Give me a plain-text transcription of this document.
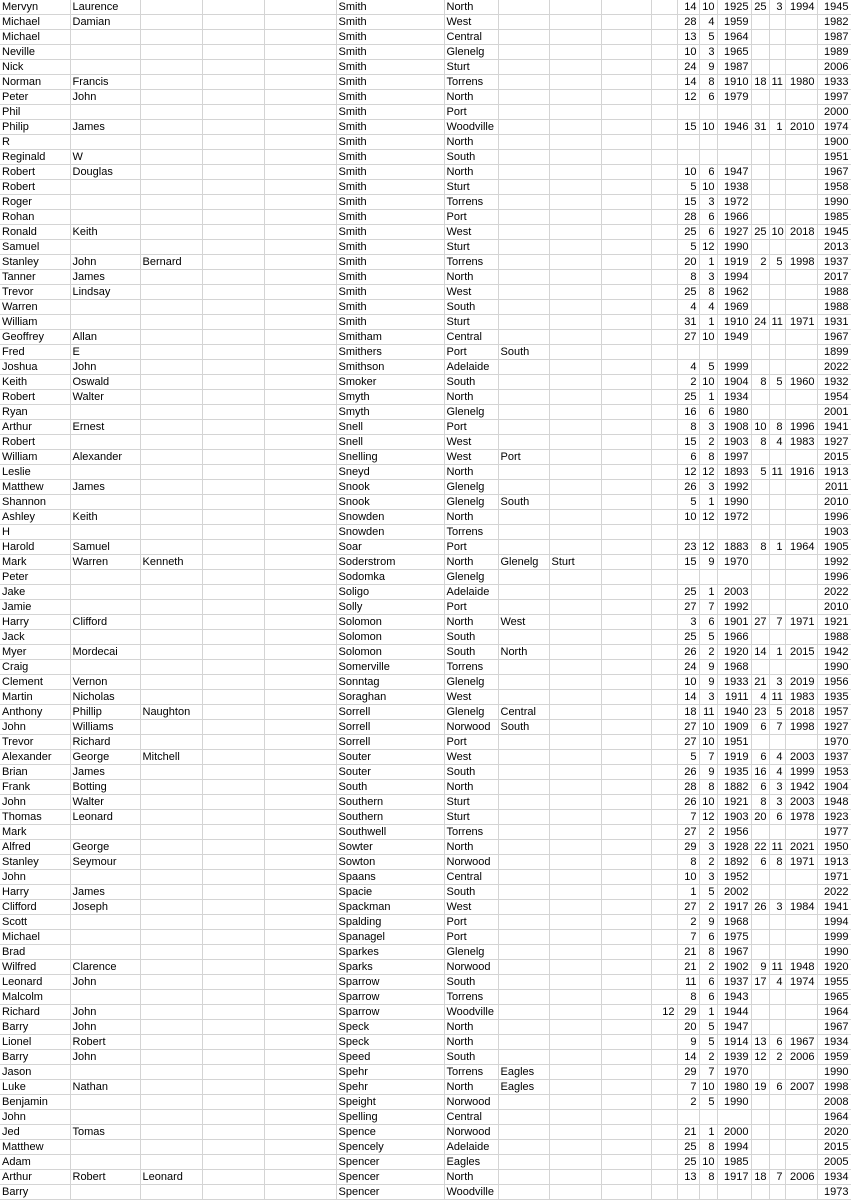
Mervyn	Laurence				Smith	North					14	10	1925	25	3	1994	1945
Michael	Damian				Smith	West					28	4	1959				1982
Michael					Smith	Central					13	5	1964				1987
Neville					Smith	Glenelg					10	3	1965				1989
Nick					Smith	Sturt					24	9	1987				2006
Norman	Francis				Smith	Torrens					14	8	1910	18	11	1980	1933
Peter	John				Smith	North					12	6	1979				1997
Phil					Smith	Port											2000
Philip	James				Smith	Woodville					15	10	1946	31	1	2010	1974
R					Smith	North											1900
Reginald	W				Smith	South											1951
Robert	Douglas				Smith	North					10	6	1947				1967
Robert					Smith	Sturt					5	10	1938				1958
Roger					Smith	Torrens					15	3	1972				1990
Rohan					Smith	Port					28	6	1966				1985
Ronald	Keith				Smith	West					25	6	1927	25	10	2018	1945
Samuel					Smith	Sturt					5	12	1990				2013
Stanley	John	Bernard			Smith	Torrens					20	1	1919	2	5	1998	1937
Tanner	James				Smith	North					8	3	1994				2017
Trevor	Lindsay				Smith	West					25	8	1962				1988
Warren					Smith	South					4	4	1969				1988
William					Smith	Sturt					31	1	1910	24	11	1971	1931
Geoffrey	Allan				Smitham	Central					27	10	1949				1967
Fred	E				Smithers	Port	South										1899
Joshua	John				Smithson	Adelaide					4	5	1999				2022
Keith	Oswald				Smoker	South					2	10	1904	8	5	1960	1932
Robert	Walter				Smyth	North					25	1	1934				1954
Ryan					Smyth	Glenelg					16	6	1980				2001
Arthur	Ernest				Snell	Port					8	3	1908	10	8	1996	1941
Robert					Snell	West					15	2	1903	8	4	1983	1927
William	Alexander				Snelling	West	Port				6	8	1997				2015
Leslie					Sneyd	North					12	12	1893	5	11	1916	1913
Matthew	James				Snook	Glenelg					26	3	1992				2011
Shannon					Snook	Glenelg	South				5	1	1990				2010
Ashley	Keith				Snowden	North					10	12	1972				1996
H					Snowden	Torrens											1903
Harold	Samuel				Soar	Port					23	12	1883	8	1	1964	1905
Mark	Warren	Kenneth			Soderstrom	North	Glenelg	Sturt			15	9	1970				1992
Peter					Sodomka	Glenelg											1996
Jake					Soligo	Adelaide					25	1	2003				2022
Jamie					Solly	Port					27	7	1992				2010
Harry	Clifford				Solomon	North	West				3	6	1901	27	7	1971	1921
Jack					Solomon	South					25	5	1966				1988
Myer	Mordecai				Solomon	South	North				26	2	1920	14	1	2015	1942
Craig					Somerville	Torrens					24	9	1968				1990
Clement	Vernon				Sonntag	Glenelg					10	9	1933	21	3	2019	1956
Martin	Nicholas				Soraghan	West					14	3	1911	4	11	1983	1935
Anthony	Phillip	Naughton			Sorrell	Glenelg	Central				18	11	1940	23	5	2018	1957
John	Williams				Sorrell	Norwood	South				27	10	1909	6	7	1998	1927
Trevor	Richard				Sorrell	Port					27	10	1951				1970
Alexander	George	Mitchell			Souter	West					5	7	1919	6	4	2003	1937
Brian	James				Souter	South					26	9	1935	16	4	1999	1953
Frank	Botting				South	North					28	8	1882	6	3	1942	1904
John	Walter				Southern	Sturt					26	10	1921	8	3	2003	1948
Thomas	Leonard				Southern	Sturt					7	12	1903	20	6	1978	1923
Mark					Southwell	Torrens					27	2	1956				1977
Alfred	George				Sowter	North					29	3	1928	22	11	2021	1950
Stanley	Seymour				Sowton	Norwood					8	2	1892	6	8	1971	1913
John					Spaans	Central					10	3	1952				1971
Harry	James				Spacie	South					1	5	2002				2022
Clifford	Joseph				Spackman	West					27	2	1917	26	3	1984	1941
Scott					Spalding	Port					2	9	1968				1994
Michael					Spanagel	Port					7	6	1975				1999
Brad					Sparkes	Glenelg					21	8	1967				1990
Wilfred	Clarence				Sparks	Norwood					21	2	1902	9	11	1948	1920
Leonard	John				Sparrow	South					11	6	1937	17	4	1974	1955
Malcolm					Sparrow	Torrens					8	6	1943				1965
Richard	John				Sparrow	Woodville				12	29	1	1944				1964
Barry	John				Speck	North					20	5	1947				1967
Lionel	Robert				Speck	North					9	5	1914	13	6	1967	1934
Barry	John				Speed	South					14	2	1939	12	2	2006	1959
Jason					Spehr	Torrens	Eagles				29	7	1970				1990
Luke	Nathan				Spehr	North	Eagles				7	10	1980	19	6	2007	1998
Benjamin					Speight	Norwood					2	5	1990				2008
John					Spelling	Central											1964
Jed	Tomas				Spence	Norwood					21	1	2000				2020
Matthew					Spencely	Adelaide					25	8	1994				2015
Adam					Spencer	Eagles					25	10	1985				2005
Arthur	Robert	Leonard			Spencer	North					13	8	1917	18	7	2006	1934
Barry					Spencer	Woodville											1973
